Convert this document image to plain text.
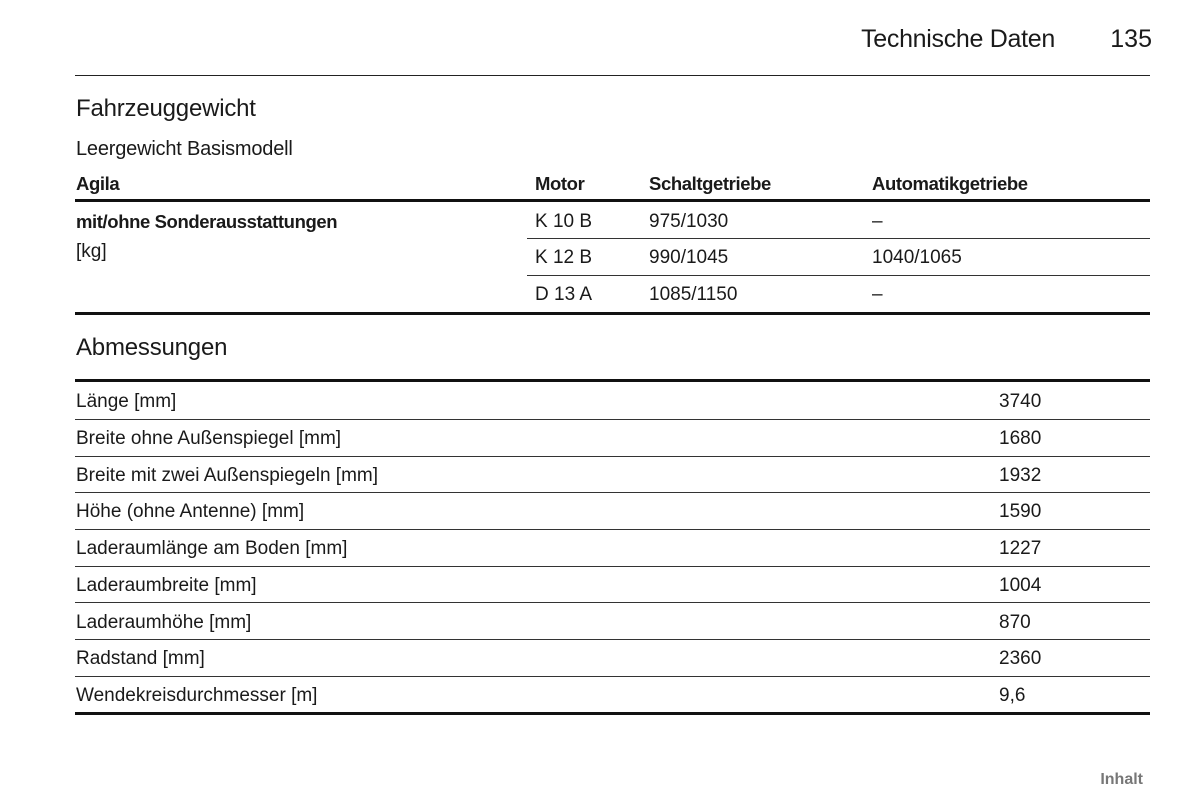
Technische Daten	135
Fahrzeuggewicht
Leergewicht Basismodell
Agila	Motor	Schaltgetriebe	Automatikgetriebe
mit/ohne Sonderausstattungen
[kg]
K 10 B	975/1030	–
K 12 B	990/1045	1040/1065
D 13 A	1085/1150	–
Abmessungen
Länge [mm]	3740
Breite ohne Außenspiegel [mm]	1680
Breite mit zwei Außenspiegeln [mm]	1932
Höhe (ohne Antenne) [mm]	1590
Laderaumlänge am Boden [mm]	1227
Laderaumbreite [mm]	1004
Laderaumhöhe [mm]	870
Radstand [mm]	2360
Wendekreisdurchmesser [m]	9,6
Inhalt
